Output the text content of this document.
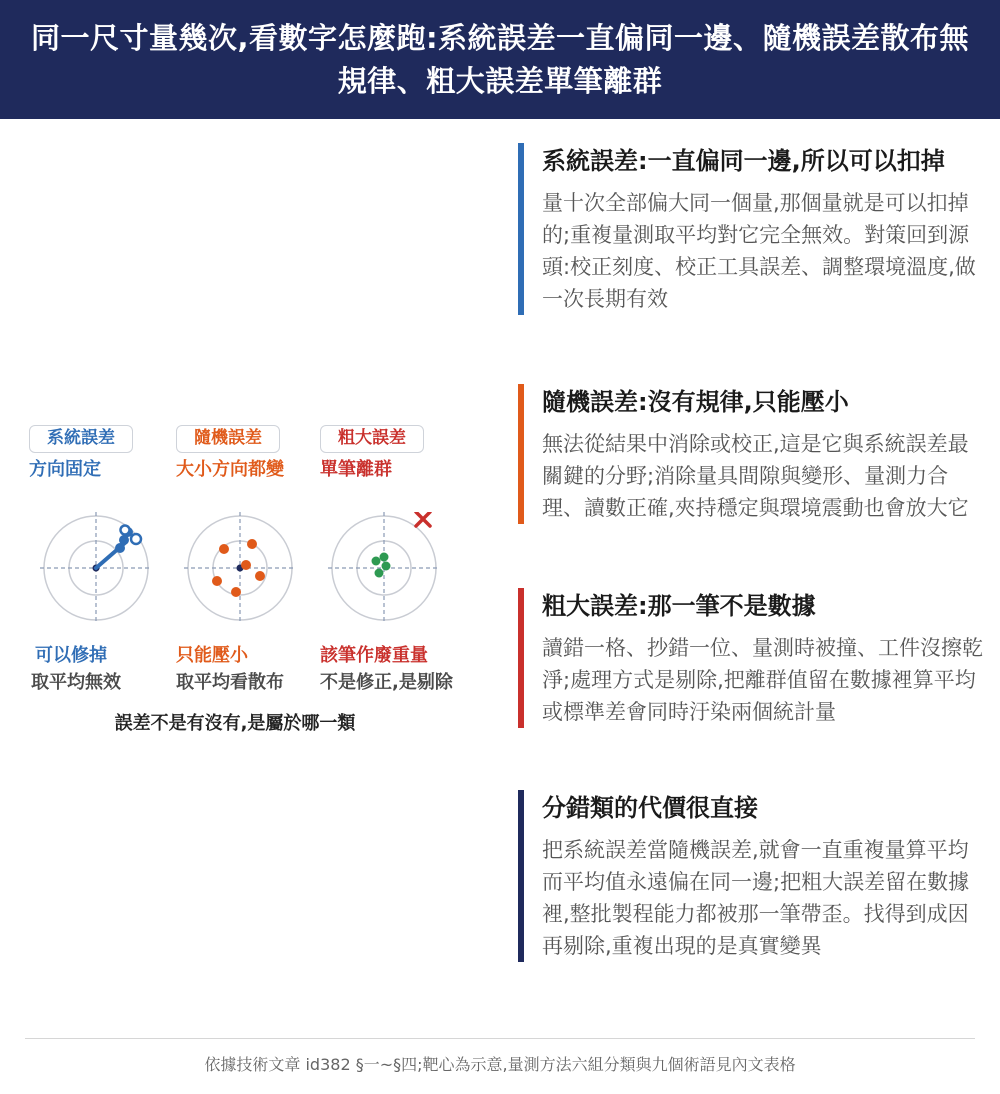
同一尺寸量幾次,看數字怎麼跑:系統誤差一直偏同一邊、隨機誤差散布無規律、粗大誤差單筆離群
系統誤差
方向固定
隨機誤差
大小方向都變
粗大誤差
單筆離群
可以修掉
取平均無效
只能壓小
取平均看散布
該筆作廢重量
不是修正,是剔除
誤差不是有沒有,是屬於哪一類
系統誤差:一直偏同一邊,所以可以扣掉

量十次全部偏大同一個量,那個量就是可以扣掉的;重複量測取平均對它完全無效。對策回到源頭:校正刻度、校正工具誤差、調整環境溫度,做一次長期有效

隨機誤差:沒有規律,只能壓小

無法從結果中消除或校正,這是它與系統誤差最關鍵的分野;消除量具間隙與變形、量測力合理、讀數正確,夾持穩定與環境震動也會放大它

粗大誤差:那一筆不是數據

讀錯一格、抄錯一位、量測時被撞、工件沒擦乾淨;處理方式是剔除,把離群值留在數據裡算平均或標準差會同時汙染兩個統計量

分錯類的代價很直接

把系統誤差當隨機誤差,就會一直重複量算平均而平均值永遠偏在同一邊;把粗大誤差留在數據裡,整批製程能力都被那一筆帶歪。找得到成因再剔除,重複出現的是真實變異

依據技術文章 id382 §一~§四;靶心為示意,量測方法六組分類與九個術語見內文表格
